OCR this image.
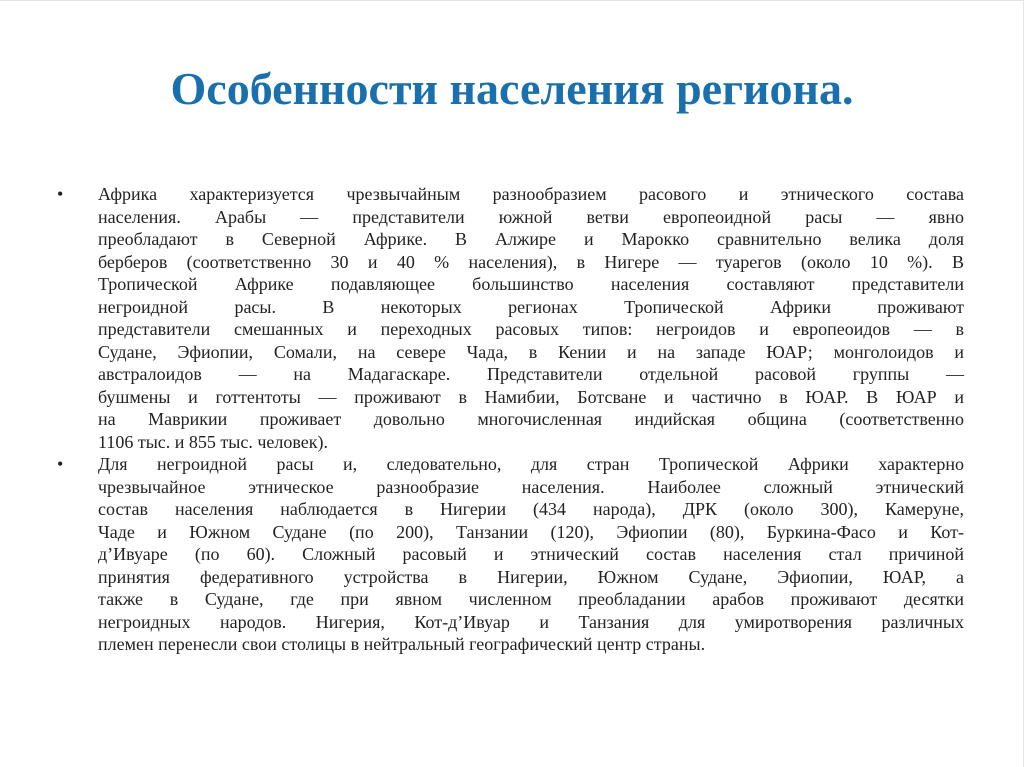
Особенности населения региона.
• Африка характеризуется чрезвычайным разнообразием расового и этнического состава
населения. Арабы — представители южной ветви европеоидной расы — явно
преобладают в Северной Африке. В Алжире и Марокко сравнительно велика доля
берберов (соответственно 30 и 40 % населения), в Нигере — туарегов (около 10 %). В
Тропической Африке подавляющее большинство населения составляют представители
негроидной расы. В некоторых регионах Тропической Африки проживают
представители смешанных и переходных расовых типов: негроидов и европеоидов — в
Судане, Эфиопии, Сомали, на севере Чада, в Кении и на западе ЮАР; монголоидов и
австралоидов — на Мадагаскаре. Представители отдельной расовой группы —
бушмены и готтентоты — проживают в Намибии, Ботсване и частично в ЮАР. В ЮАР и
на Маврикии проживает довольно многочисленная индийская община (соответственно
1106 тыс. и 855 тыс. человек).
• Для негроидной расы и, следовательно, для стран Тропической Африки характерно
чрезвычайное этническое разнообразие населения. Наиболее сложный этнический
состав населения наблюдается в Нигерии (434 народа), ДРК (около 300), Камеруне,
Чаде и Южном Судане (по 200), Танзании (120), Эфиопии (80), Буркина-Фасо и Кот-
д’Ивуаре (по 60). Сложный расовый и этнический состав населения стал причиной
принятия федеративного устройства в Нигерии, Южном Судане, Эфиопии, ЮАР, а
также в Судане, где при явном численном преобладании арабов проживают десятки
негроидных народов. Нигерия, Кот-д’Ивуар и Танзания для умиротворения различных
племен перенесли свои столицы в нейтральный географический центр страны.
